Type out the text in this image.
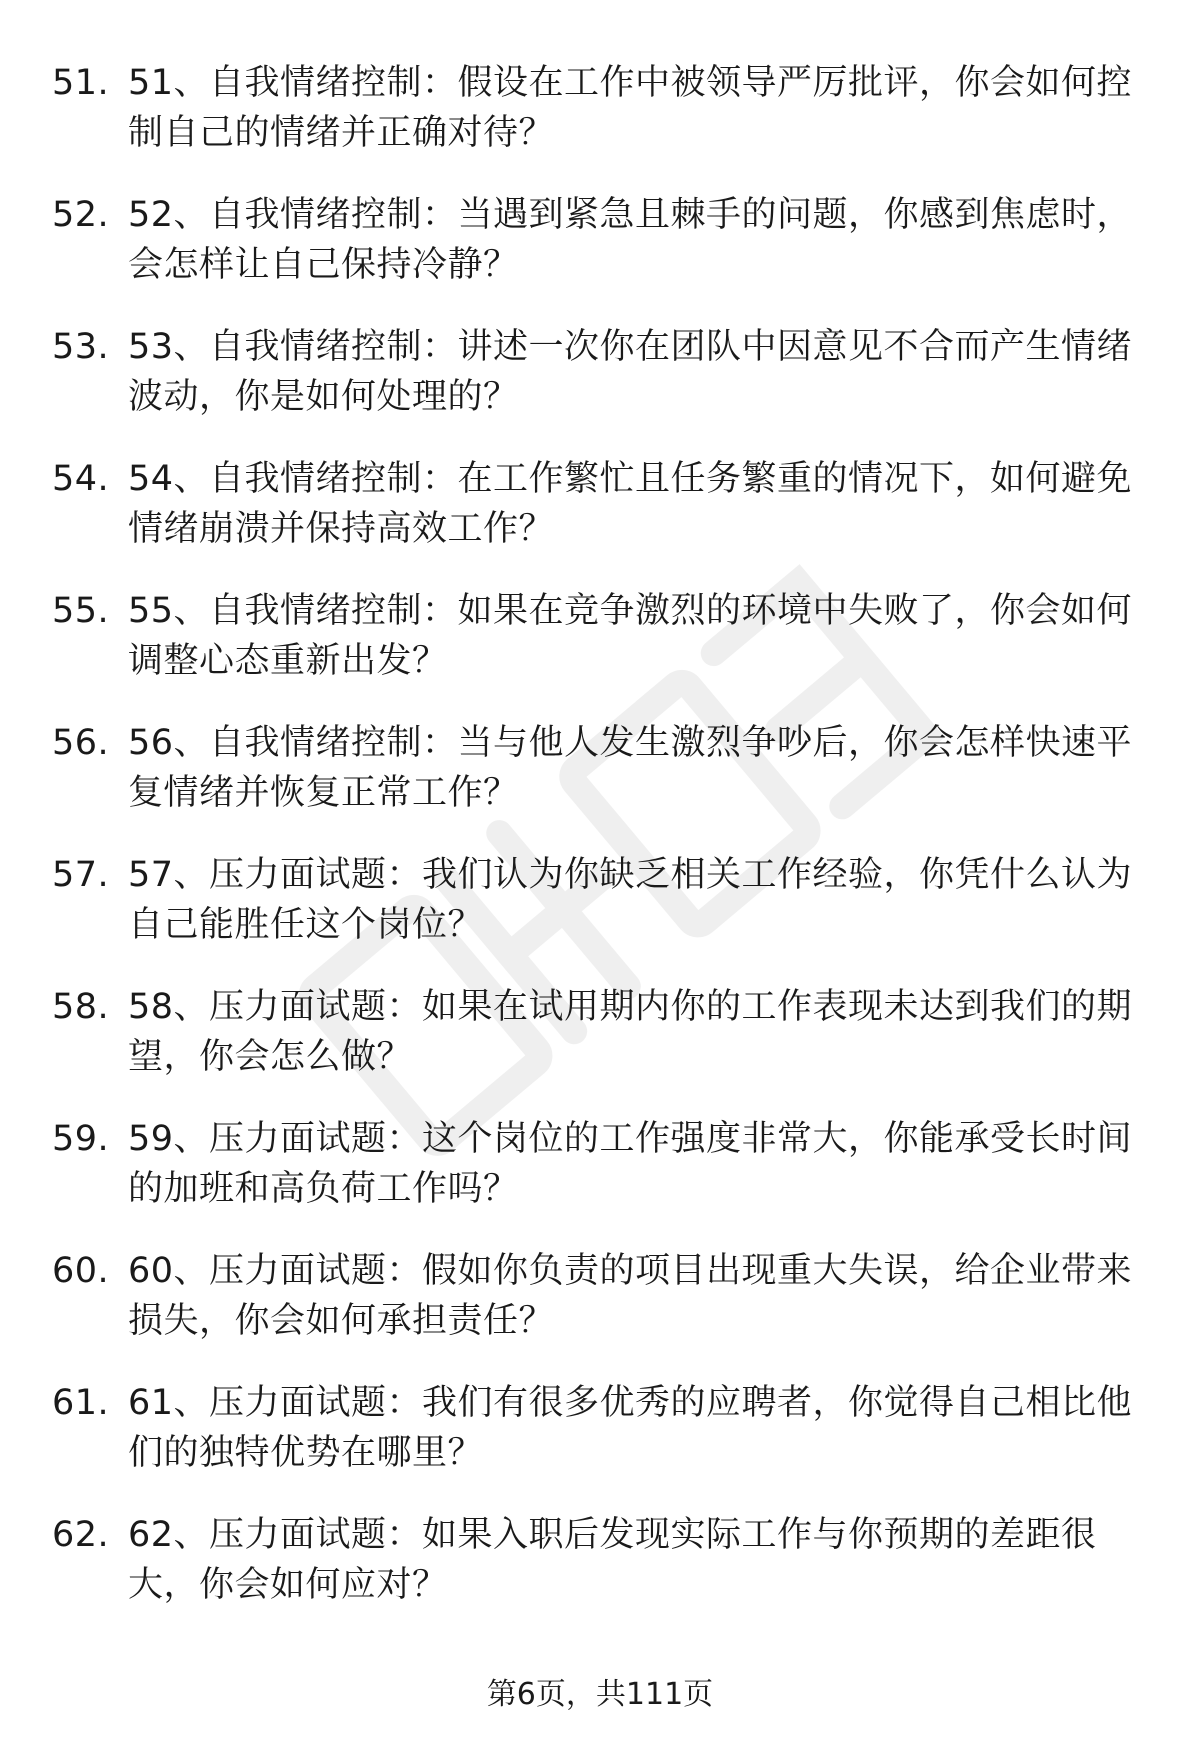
51. 51、自我情绪控制：假设在工作中被领导严厉批评，你会如何控制自己的情绪并正确对待？
52. 52、自我情绪控制：当遇到紧急且棘手的问题，你感到焦虑时，会怎样让自己保持冷静？
53. 53、自我情绪控制：讲述一次你在团队中因意见不合而产生情绪波动，你是如何处理的？
54. 54、自我情绪控制：在工作繁忙且任务繁重的情况下，如何避免情绪崩溃并保持高效工作？
55. 55、自我情绪控制：如果在竞争激烈的环境中失败了，你会如何调整心态重新出发？
56. 56、自我情绪控制：当与他人发生激烈争吵后，你会怎样快速平复情绪并恢复正常工作？
57. 57、压力面试题：我们认为你缺乏相关工作经验，你凭什么认为自己能胜任这个岗位？
58. 58、压力面试题：如果在试用期内你的工作表现未达到我们的期望，你会怎么做？
59. 59、压力面试题：这个岗位的工作强度非常大，你能承受长时间的加班和高负荷工作吗？
60. 60、压力面试题：假如你负责的项目出现重大失误，给企业带来损失，你会如何承担责任？
61. 61、压力面试题：我们有很多优秀的应聘者，你觉得自己相比他们的独特优势在哪里？
62. 62、压力面试题：如果入职后发现实际工作与你预期的差距很大，你会如何应对？
第6页，共111页
